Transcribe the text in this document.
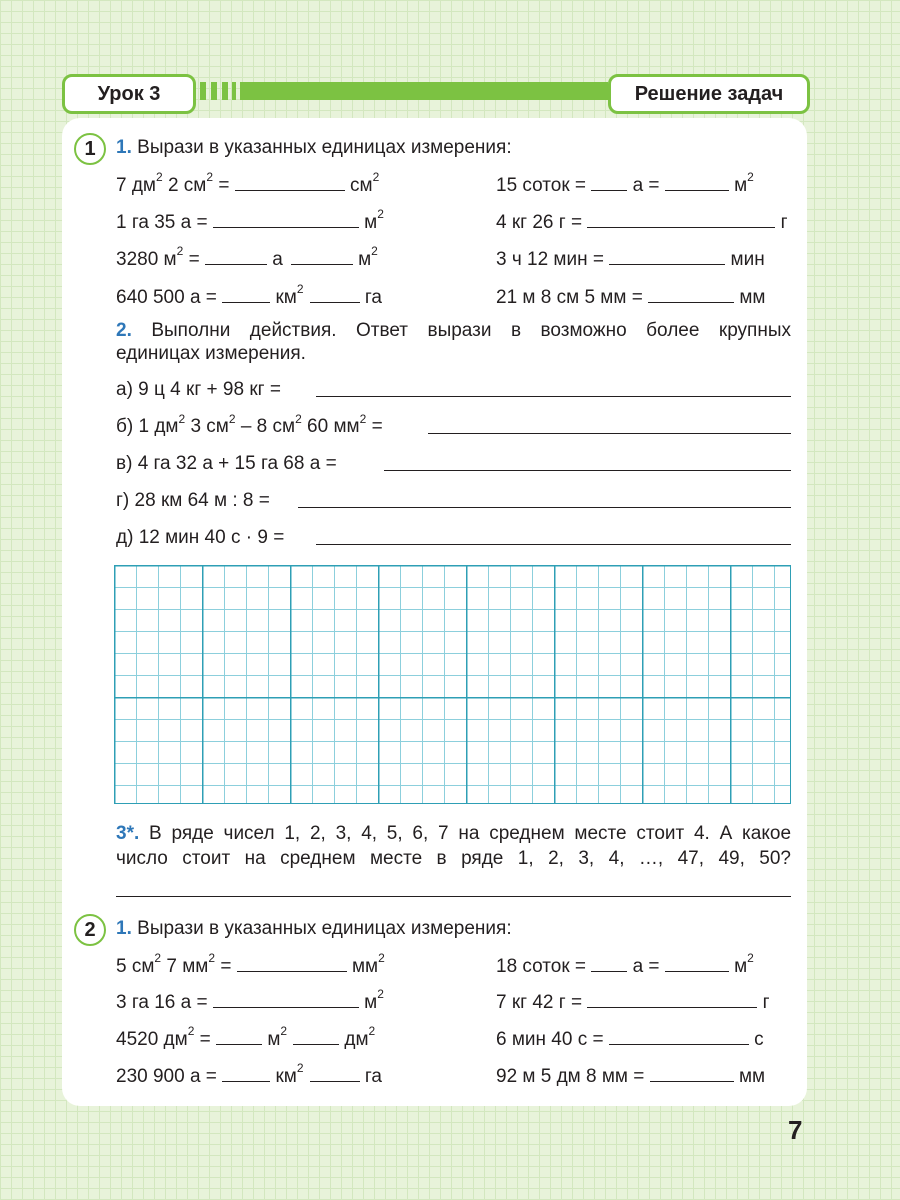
Урок 3	Решение задач
1	1. Вырази в указанных единицах измерения:
7 $дм^2$ 2 $см^2$ =	$см^2$	15 соток =  а =	$м^2$
1 га 35 а =	$м^2$	4 кг 26 г =	г
3280 $м^2$ =	а	$м^2$	3 ч 12 мин =	мин
640 500 а =	$км^2$	га	21 м 8 см 5 мм =	мм
2. Выполни действия. Ответ вырази в возможно более крупных
единицах измерения.
а) 9 ц 4 кг + 98 кг =
б) 1 $дм^2$ 3 $см^2 - 8$ $см^2$ 60 $мм^2$ =
в) 4 га 32 а + 15 га 68 а =
г) 28 км 64 м : 8 =
д) 12 мин 40 с · 9 =
3*. В ряде чисел 1, 2, 3, 4, 5, 6, 7 на среднем месте стоит 4. А какое
число стоит на среднем месте в ряде 1, 2, 3, 4, …, 47, 49, 50?
2	1. Вырази в указанных единицах измерения:
5 $см^2$ 7 $мм^2$ =	$мм^2$	18 соток =  а =	$м^2$
3 га 16 а =	$м^2$	7 кг 42 г =	г
4520 $дм^2$ =	$м^2$	$дм^2$	6 мин 40 с =	с
230 900 а =	$км^2$	га	92 м 5 дм 8 мм =	мм
7
